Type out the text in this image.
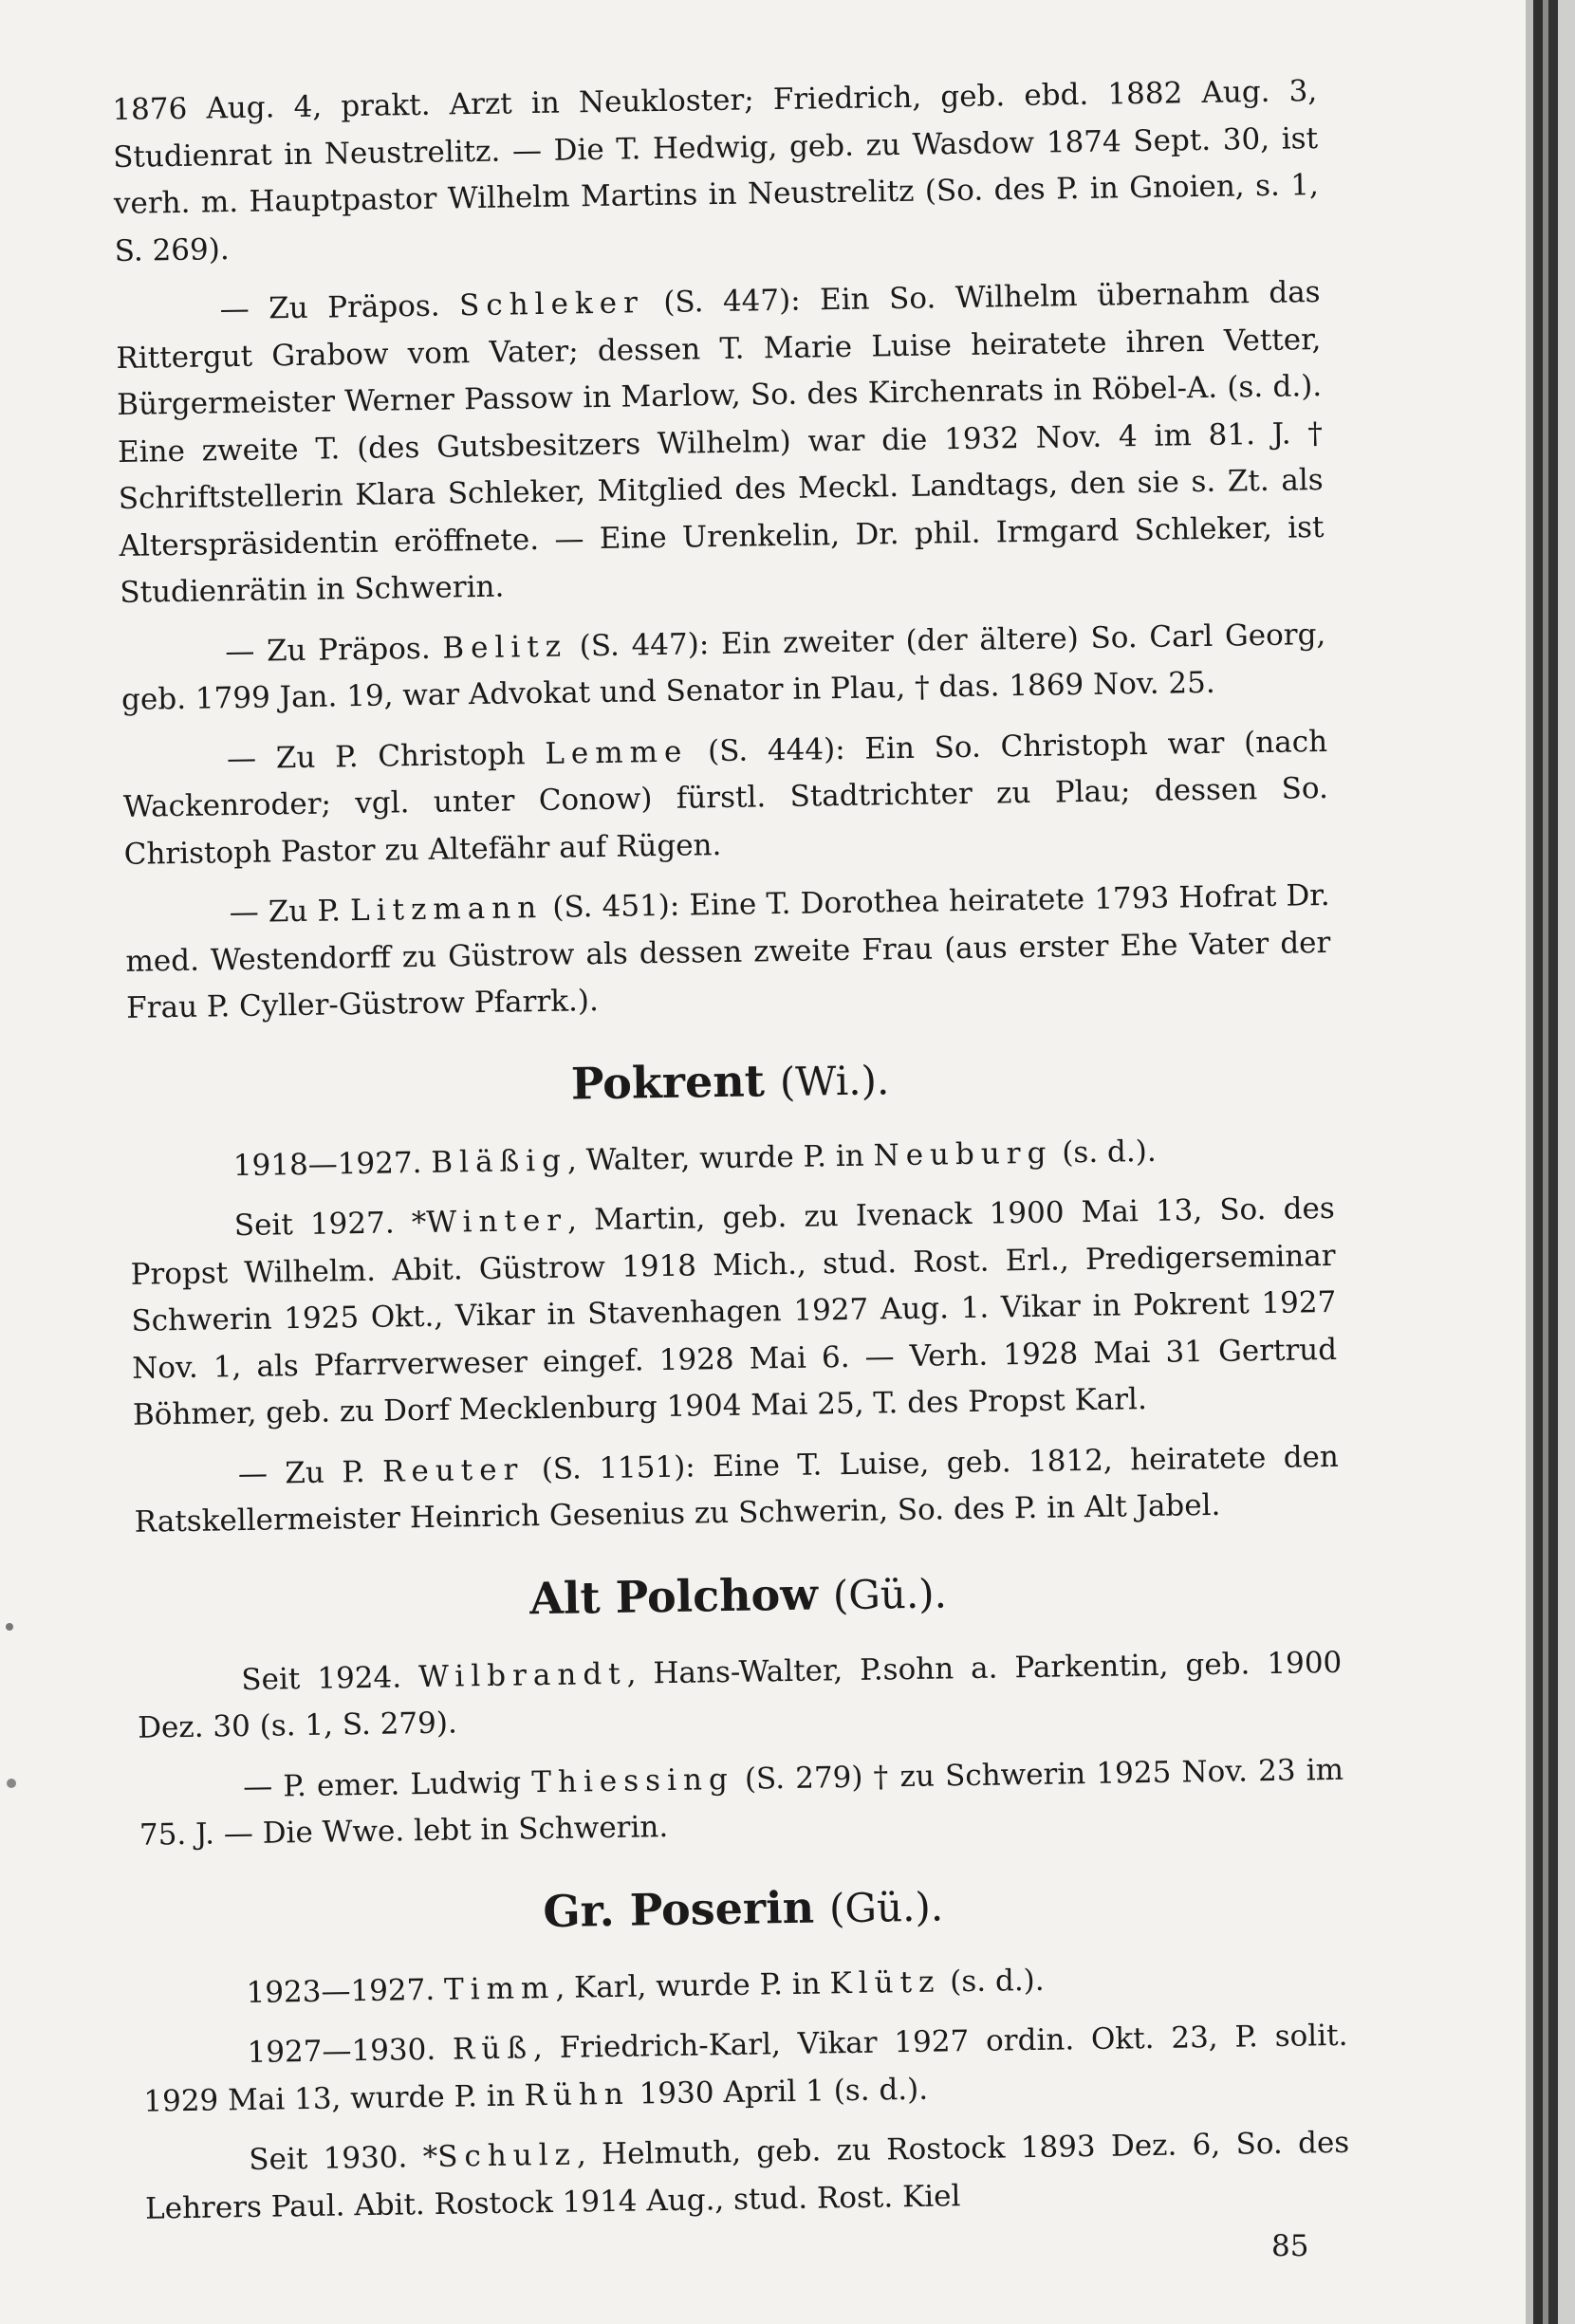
1876 Aug. 4, prakt. Arzt in Neukloster; Friedrich, geb. ebd. 1882 Aug. 3, Studienrat in Neustrelitz. — Die T. Hedwig, geb. zu Wasdow 1874 Sept. 30, ist verh. m. Hauptpastor Wilhelm Martins in Neustrelitz (So. des P. in Gnoien, s. 1, S. 269).

— Zu Präpos. Schleker (S. 447): Ein So. Wilhelm übernahm das Rittergut Grabow vom Vater; dessen T. Marie Luise heiratete ihren Vetter, Bürgermeister Werner Passow in Marlow, So. des Kirchenrats in Röbel-A. (s. d.). Eine zweite T. (des Gutsbesitzers Wilhelm) war die 1932 Nov. 4 im 81. J. † Schriftstellerin Klara Schleker, Mitglied des Meckl. Landtags, den sie s. Zt. als Alterspräsidentin eröffnete. — Eine Urenkelin, Dr. phil. Irmgard Schleker, ist Studienrätin in Schwerin.

— Zu Präpos. Belitz (S. 447): Ein zweiter (der ältere) So. Carl Georg, geb. 1799 Jan. 19, war Advokat und Senator in Plau, † das. 1869 Nov. 25.

— Zu P. Christoph Lemme (S. 444): Ein So. Christoph war (nach Wackenroder; vgl. unter Conow) fürstl. Stadtrichter zu Plau; dessen So. Christoph Pastor zu Altefähr auf Rügen.

— Zu P. Litzmann (S. 451): Eine T. Dorothea heiratete 1793 Hofrat Dr. med. Westendorff zu Güstrow als dessen zweite Frau (aus erster Ehe Vater der Frau P. Cyller-Güstrow Pfarrk.).

Pokrent (Wi.).

1918—1927. Bläßig, Walter, wurde P. in Neuburg (s. d.).

Seit 1927. *Winter, Martin, geb. zu Ivenack 1900 Mai 13, So. des Propst Wilhelm. Abit. Güstrow 1918 Mich., stud. Rost. Erl., Predigerseminar Schwerin 1925 Okt., Vikar in Stavenhagen 1927 Aug. 1. Vikar in Pokrent 1927 Nov. 1, als Pfarrverweser eingef. 1928 Mai 6. — Verh. 1928 Mai 31 Gertrud Böhmer, geb. zu Dorf Mecklenburg 1904 Mai 25, T. des Propst Karl.

— Zu P. Reuter (S. 1151): Eine T. Luise, geb. 1812, heiratete den Ratskellermeister Heinrich Gesenius zu Schwerin, So. des P. in Alt Jabel.

Alt Polchow (Gü.).

Seit 1924. Wilbrandt, Hans-Walter, P.sohn a. Parkentin, geb. 1900 Dez. 30 (s. 1, S. 279).

— P. emer. Ludwig Thiessing (S. 279) † zu Schwerin 1925 Nov. 23 im 75. J. — Die Wwe. lebt in Schwerin.

Gr. Poserin (Gü.).

1923—1927. Timm, Karl, wurde P. in Klütz (s. d.).

1927—1930. Rüß, Friedrich-Karl, Vikar 1927 ordin. Okt. 23, P. solit. 1929 Mai 13, wurde P. in Rühn 1930 April 1 (s. d.).

Seit 1930. *Schulz, Helmuth, geb. zu Rostock 1893 Dez. 6, So. des Lehrers Paul. Abit. Rostock 1914 Aug., stud. Rost. Kiel

85
